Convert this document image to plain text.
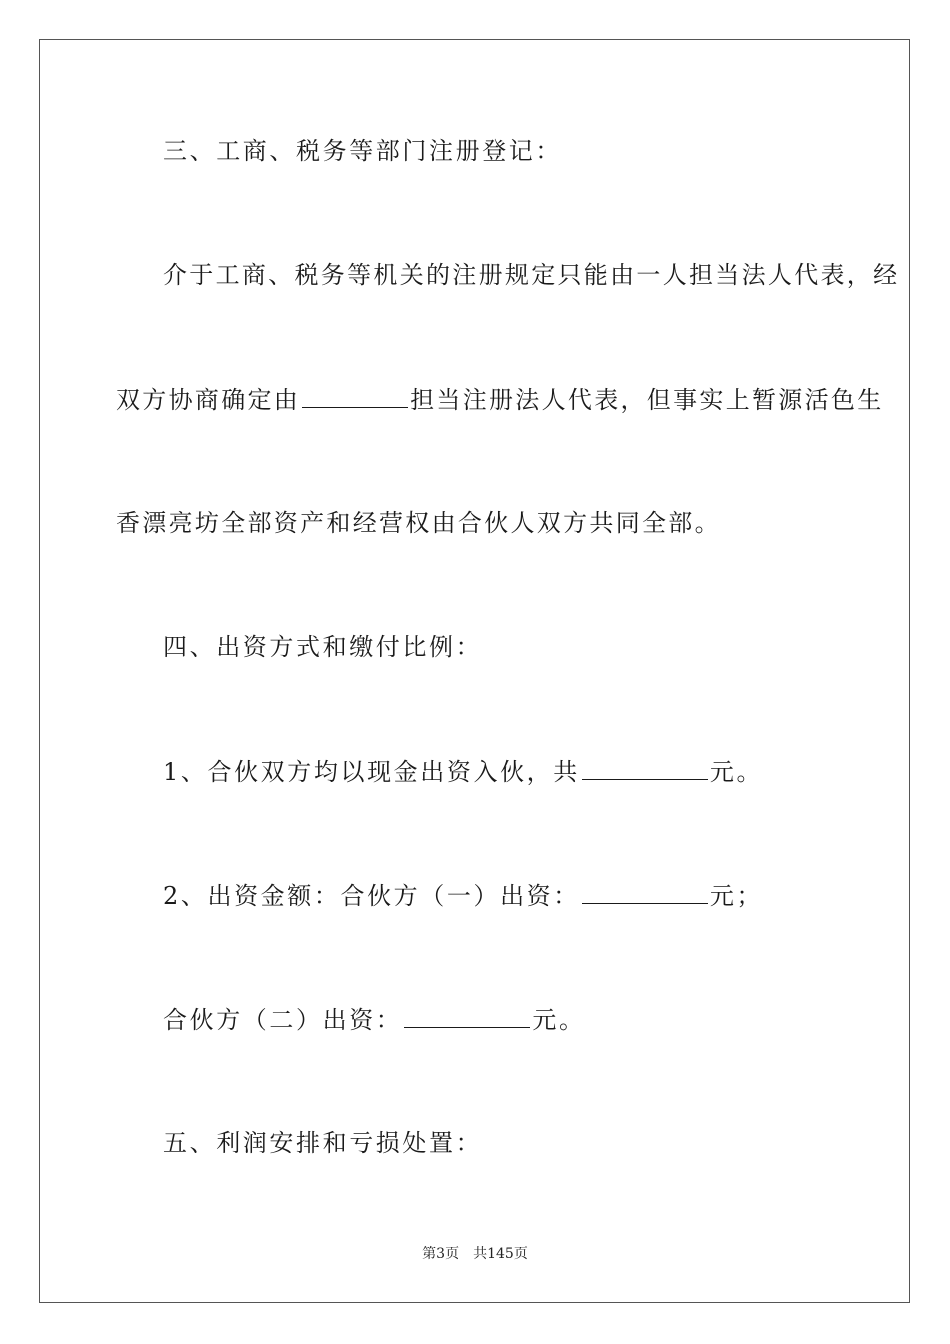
三、工商、税务等部门注册登记：
介于工商、税务等机关的注册规定只能由一人担当法人代表，经
双方协商确定由	担当注册法人代表，但事实上暂源活色生
香漂亮坊全部资产和经营权由合伙人双方共同全部。
四、出资方式和缴付比例：
1、合伙双方均以现金出资入伙，共	元。
2、出资金额：合伙方（一）出资：	元；
合伙方（二）出资：	元。
五、利润安排和亏损处置：
第3页 共145页
